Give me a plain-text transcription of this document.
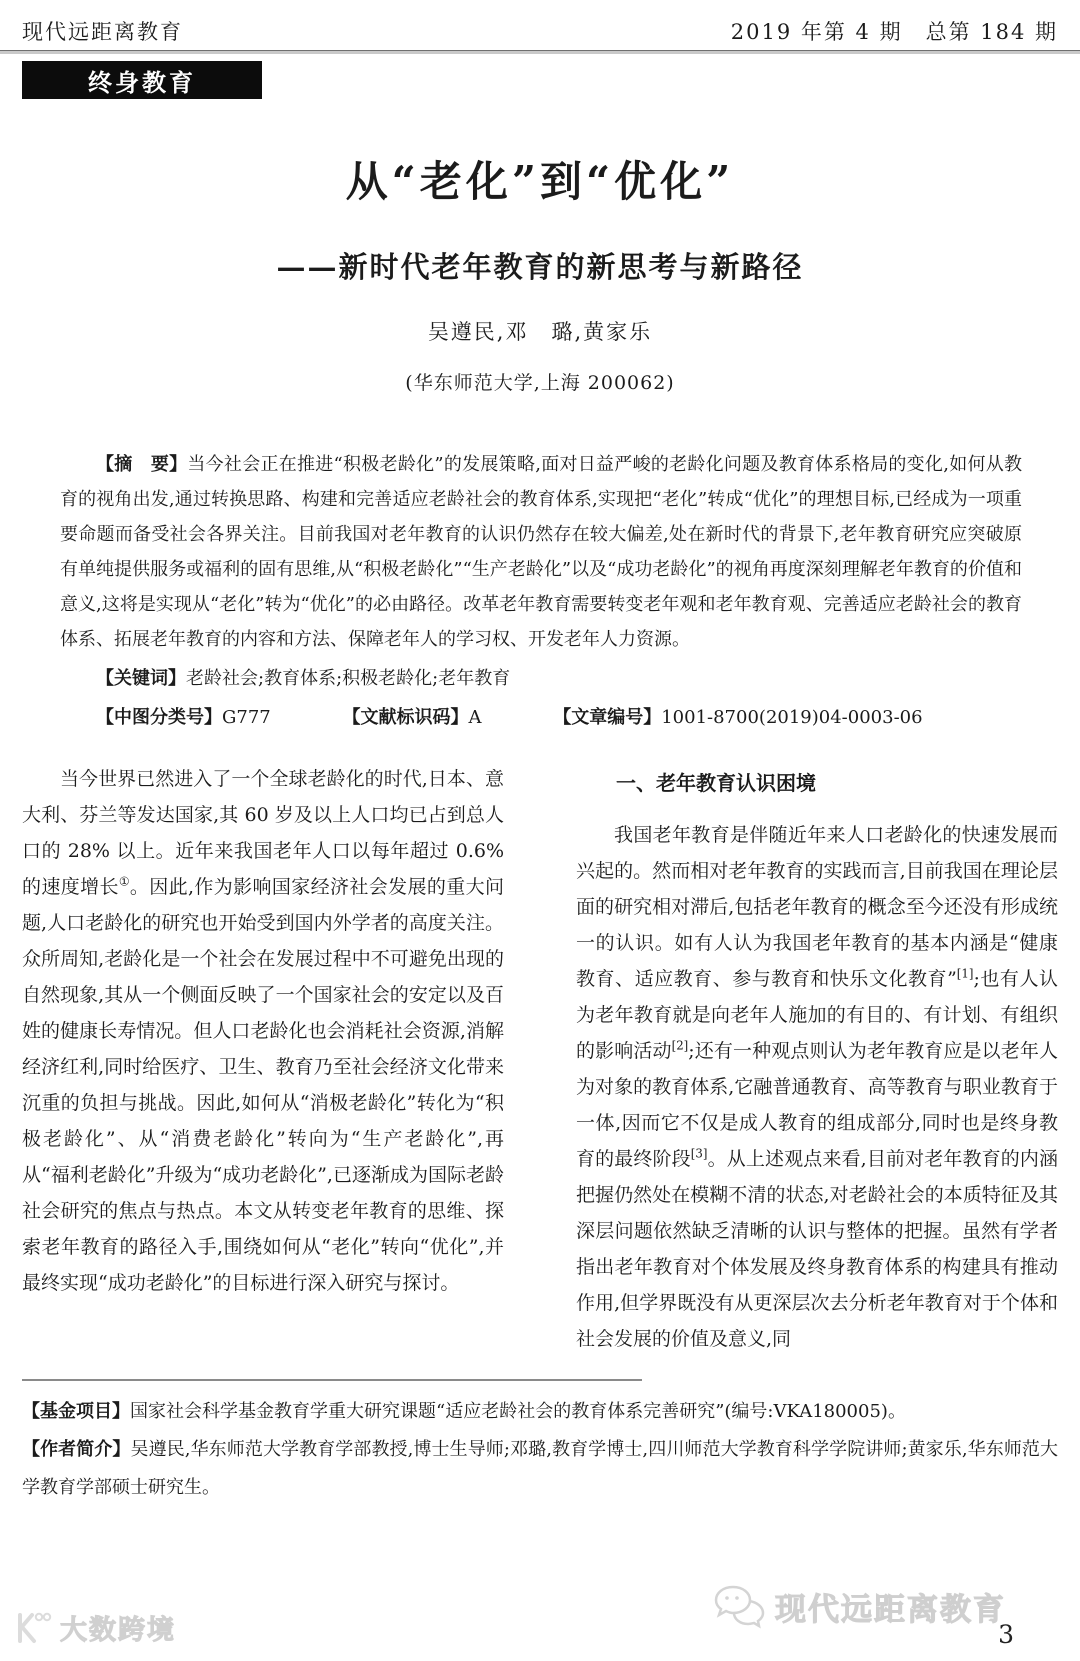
现代远距离教育	2019 年第 4 期　总第 184 期
终身教育
从“老化”到“优化”
——新时代老年教育的新思考与新路径
吴遵民,邓　璐,黄家乐
(华东师范大学,上海 200062)

【摘　要】当今社会正在推进“积极老龄化”的发展策略,面对日益严峻的老龄化问题及教育体系格局的变化,如何从教育的视角出发,通过转换思路、构建和完善适应老龄社会的教育体系,实现把“老化”转成“优化”的理想目标,已经成为一项重要命题而备受社会各界关注。目前我国对老年教育的认识仍然存在较大偏差,处在新时代的背景下,老年教育研究应突破原有单纯提供服务或福利的固有思维,从“积极老龄化”“生产老龄化”以及“成功老龄化”的视角再度深刻理解老年教育的价值和意义,这将是实现从“老化”转为“优化”的必由路径。改革老年教育需要转变老年观和老年教育观、完善适应老龄社会的教育体系、拓展老年教育的内容和方法、保障老年人的学习权、开发老年人力资源。

【关键词】老龄社会;教育体系;积极老龄化;老年教育
【中图分类号】G777	【文献标识码】A	【文章编号】1001-8700(2019)04-0003-06

当今世界已然进入了一个全球老龄化的时代,日本、意大利、芬兰等发达国家,其 60 岁及以上人口均已占到总人口的 28% 以上。近年来我国老年人口以每年超过 0.6% 的速度增长①。因此,作为影响国家经济社会发展的重大问题,人口老龄化的研究也开始受到国内外学者的高度关注。众所周知,老龄化是一个社会在发展过程中不可避免出现的自然现象,其从一个侧面反映了一个国家社会的安定以及百姓的健康长寿情况。但人口老龄化也会消耗社会资源,消解经济红利,同时给医疗、卫生、教育乃至社会经济文化带来沉重的负担与挑战。因此,如何从“消极老龄化”转化为“积极老龄化”、从“消费老龄化”转向为“生产老龄化”,再从“福利老龄化”升级为“成功老龄化”,已逐渐成为国际老龄社会研究的焦点与热点。本文从转变老年教育的思维、探索老年教育的路径入手,围绕如何从“老化”转向“优化”,并最终实现“成功老龄化”的目标进行深入研究与探讨。

一、老年教育认识困境

我国老年教育是伴随近年来人口老龄化的快速发展而兴起的。然而相对老年教育的实践而言,目前我国在理论层面的研究相对滞后,包括老年教育的概念至今还没有形成统一的认识。如有人认为我国老年教育的基本内涵是“健康教育、适应教育、参与教育和快乐文化教育”[1];也有人认为老年教育就是向老年人施加的有目的、有计划、有组织的影响活动[2];还有一种观点则认为老年教育应是以老年人为对象的教育体系,它融普通教育、高等教育与职业教育于一体,因而它不仅是成人教育的组成部分,同时也是终身教育的最终阶段[3]。从上述观点来看,目前对老年教育的内涵把握仍然处在模糊不清的状态,对老龄社会的本质特征及其深层问题依然缺乏清晰的认识与整体的把握。虽然有学者指出老年教育对个体发展及终身教育体系的构建具有推动作用,但学界既没有从更深层次去分析老年教育对于个体和社会发展的价值及意义,同

【基金项目】国家社会科学基金教育学重大研究课题“适应老龄社会的教育体系完善研究”(编号:VKA180005)。

【作者简介】吴遵民,华东师范大学教育学部教授,博士生导师;邓璐,教育学博士,四川师范大学教育科学学院讲师;黄家乐,华东师范大学教育学部硕士研究生。

大数跨境
现代远距离教育
3
